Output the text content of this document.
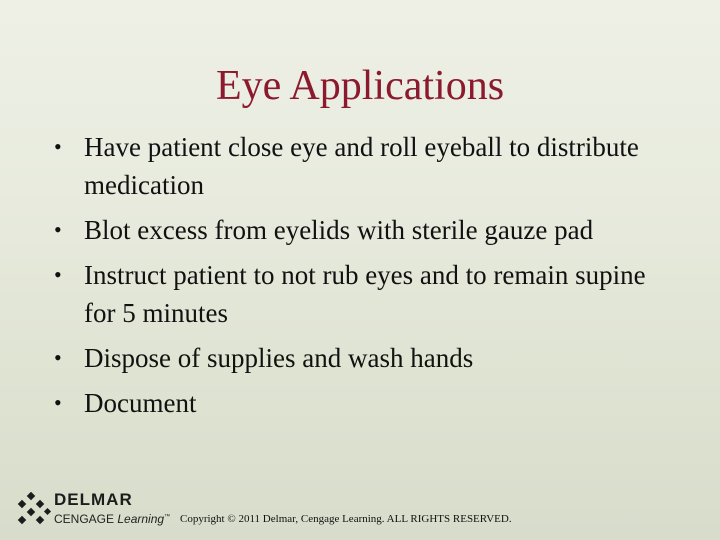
Eye Applications
• Have patient close eye and roll eyeball to distribute medication
• Blot excess from eyelids with sterile gauze pad
• Instruct patient to not rub eyes and to remain supine for 5 minutes
• Dispose of supplies and wash hands
• Document
DELMAR
CENGAGE Learning™ Copyright © 2011 Delmar, Cengage Learning. ALL RIGHTS RESERVED.
